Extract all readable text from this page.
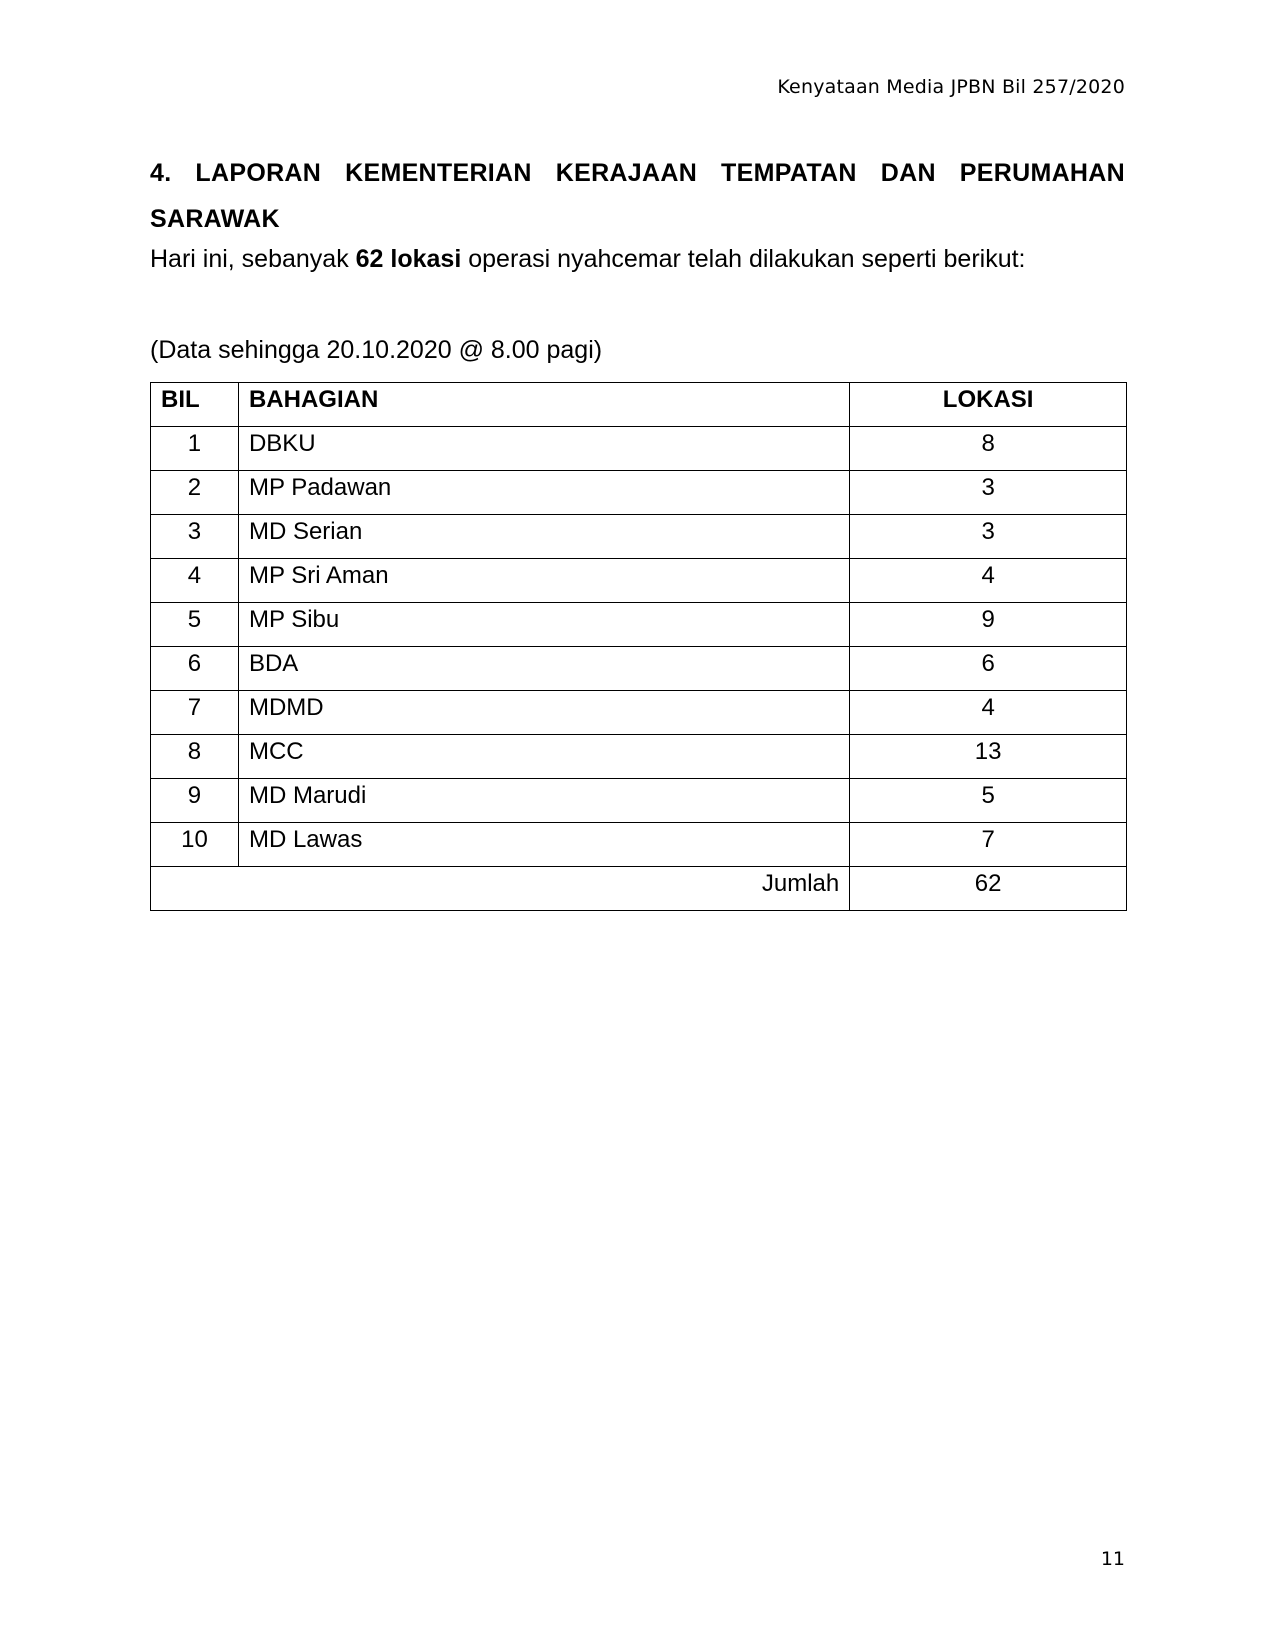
Kenyataan Media JPBN Bil 257/2020
4. LAPORAN KEMENTERIAN KERAJAAN TEMPATAN DAN PERUMAHAN SARAWAK
Hari ini, sebanyak 62 lokasi operasi nyahcemar telah dilakukan seperti berikut:
(Data sehingga 20.10.2020 @ 8.00 pagi)
BIL	BAHAGIAN	LOKASI
1	DBKU	8
2	MP Padawan	3
3	MD Serian	3
4	MP Sri Aman	4
5	MP Sibu	9
6	BDA	6
7	MDMD	4
8	MCC	13
9	MD Marudi	5
10	MD Lawas	7
Jumlah		62
11
